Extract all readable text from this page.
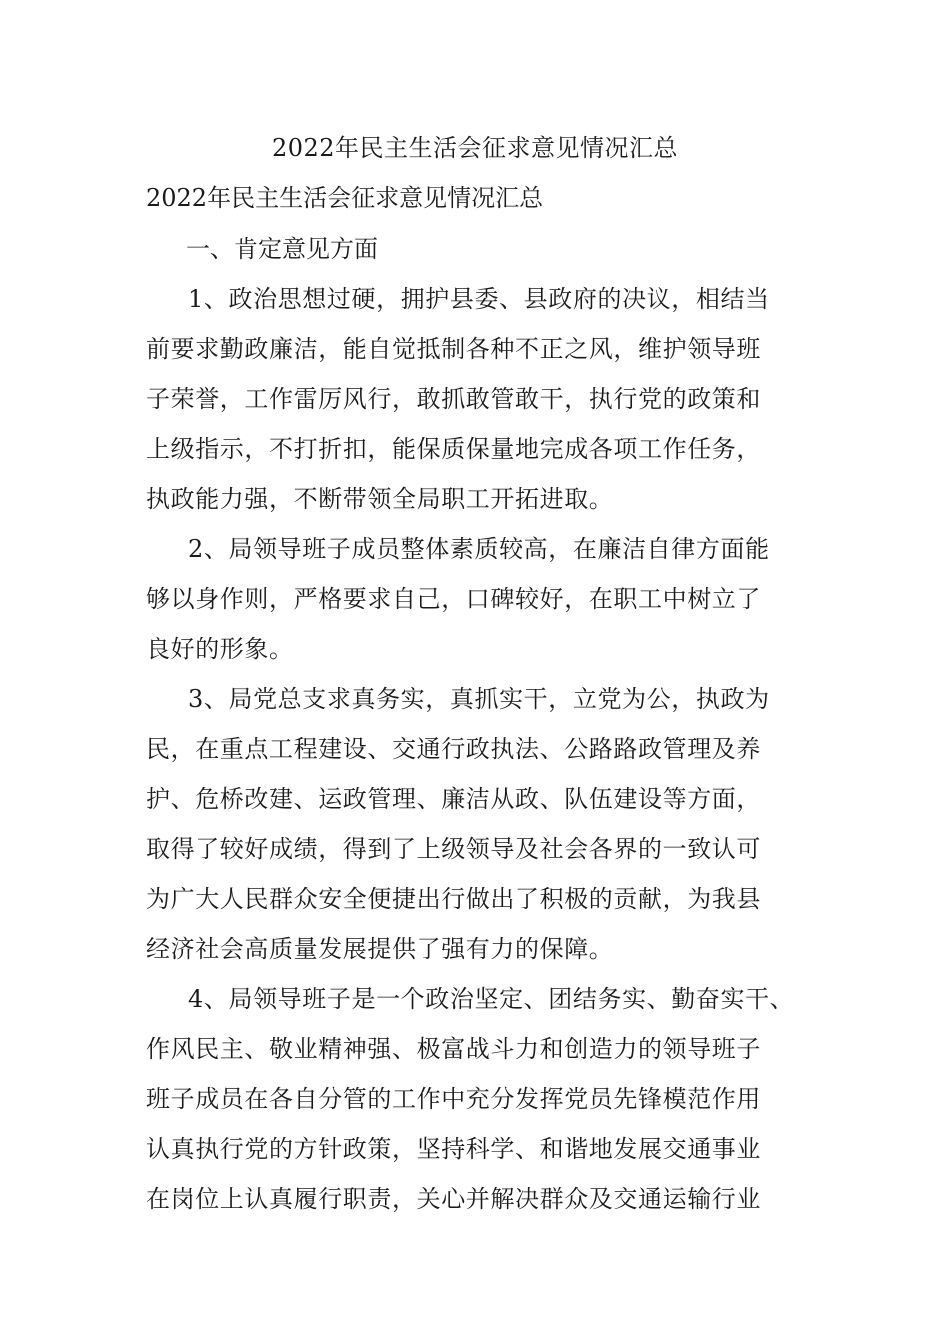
2022年民主生活会征求意见情况汇总
2022年民主生活会征求意见情况汇总
一、肯定意见方面
1、政治思想过硬，拥护县委、县政府的决议，相结当
前要求勤政廉洁，能自觉抵制各种不正之风，维护领导班
子荣誉，工作雷厉风行，敢抓敢管敢干，执行党的政策和
上级指示，不打折扣，能保质保量地完成各项工作任务，
执政能力强，不断带领全局职工开拓进取。
2、局领导班子成员整体素质较高，在廉洁自律方面能
够以身作则，严格要求自己，口碑较好，在职工中树立了
良好的形象。
3、局党总支求真务实，真抓实干，立党为公，执政为
民，在重点工程建设、交通行政执法、公路路政管理及养
护、危桥改建、运政管理、廉洁从政、队伍建设等方面，
取得了较好成绩，得到了上级领导及社会各界的一致认可
为广大人民群众安全便捷出行做出了积极的贡献，为我县
经济社会高质量发展提供了强有力的保障。
4、局领导班子是一个政治坚定、团结务实、勤奋实干、
作风民主、敬业精神强、极富战斗力和创造力的领导班子
班子成员在各自分管的工作中充分发挥党员先锋模范作用
认真执行党的方针政策，坚持科学、和谐地发展交通事业
在岗位上认真履行职责，关心并解决群众及交通运输行业
